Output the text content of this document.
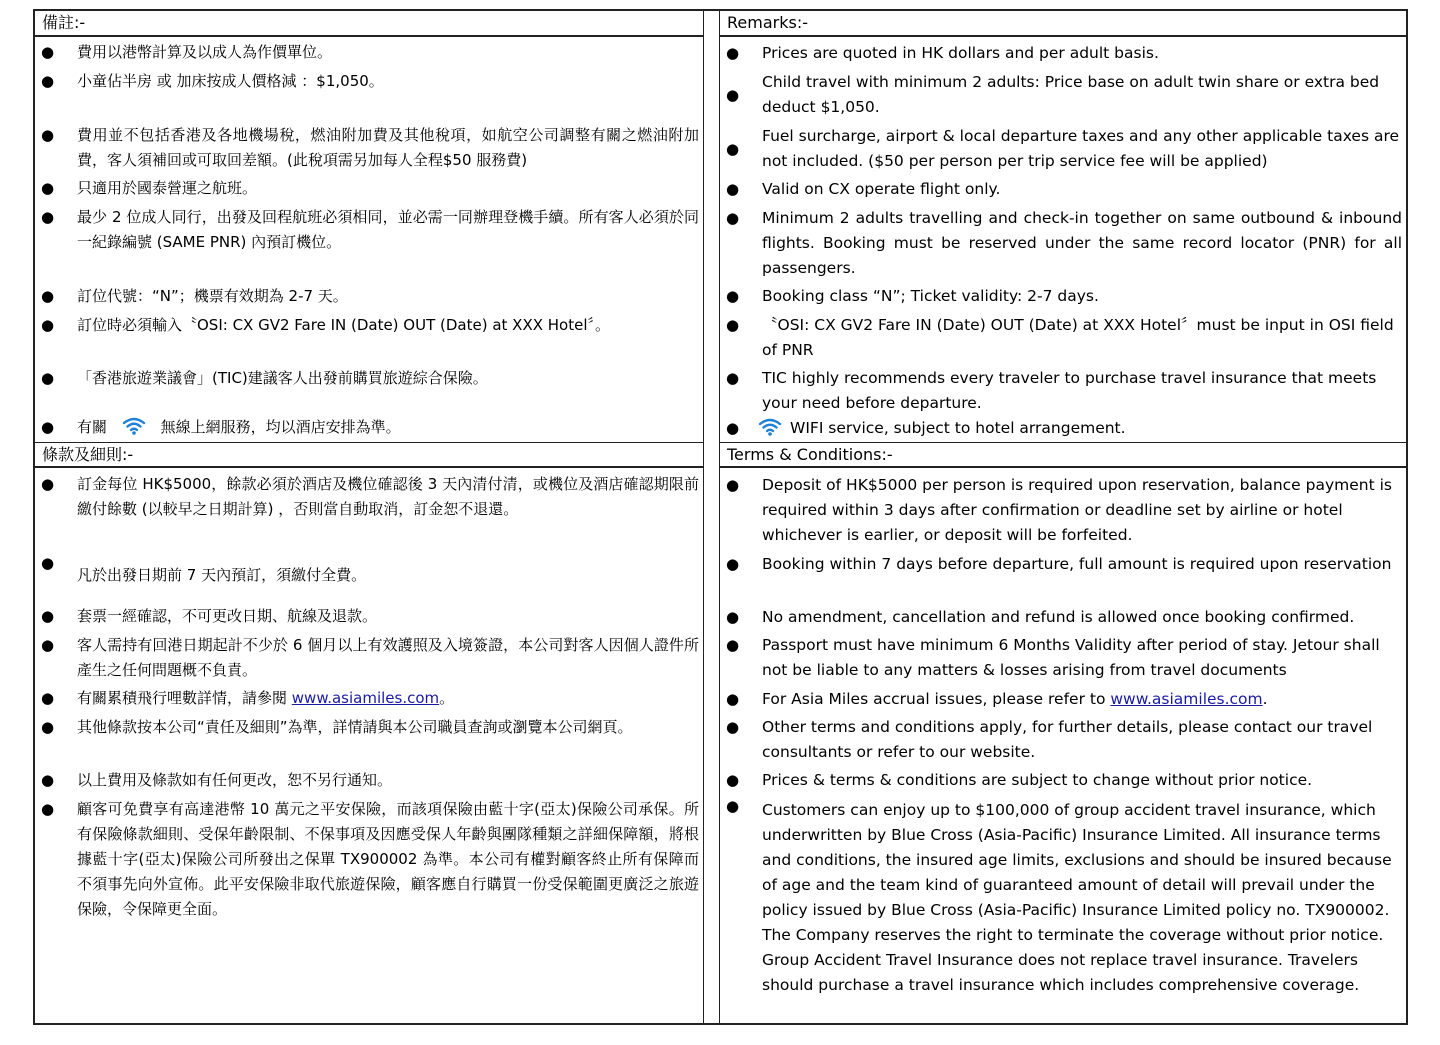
備註:-
● 費用以港幣計算及以成人為作價單位。
● 小童佔半房 或 加床按成人價格減 ：$1,050。
● 費用並不包括香港及各地機場稅，燃油附加費及其他稅項，如航空公司調整有關之燃油附加費，客人須補回或可取回差額。(此稅項需另加每人全程$50 服務費)
● 只適用於國泰營運之航班。
● 最少 2 位成人同行，出發及回程航班必須相同，並必需一同辦理登機手續。所有客人必須於同一紀錄編號 (SAME PNR) 內預訂機位。
● 訂位代號：“N”；機票有效期為 2-7 天。
● 訂位時必須輸入〝OSI: CX GV2 Fare IN (Date) OUT (Date) at XXX Hotel〞。
● 「香港旅遊業議會」(TIC)建議客人出發前購買旅遊綜合保險。
● 有關	無線上網服務，均以酒店安排為準。
條款及細則:-
● 訂金每位 HK$5000，餘款必須於酒店及機位確認後 3 天內清付清，或機位及酒店確認期限前繳付餘數 (以較早之日期計算) ，否則當自動取消，訂金恕不退還。
●
凡於出發日期前 7 天內預訂，須繳付全費。
● 套票一經確認，不可更改日期、航線及退款。
● 客人需持有回港日期起計不少於 6 個月以上有效護照及入境簽證，本公司對客人因個人證件所產生之任何問題概不負責。
● 有關累積飛行哩數詳情，請參閱 www.asiamiles.com。
● 其他條款按本公司“責任及細則”為準，詳情請與本公司職員查詢或瀏覽本公司網頁。
● 以上費用及條款如有任何更改，恕不另行通知。
● 顧客可免費享有高達港幣 10 萬元之平安保險，而該項保險由藍十字(亞太)保險公司承保。所有保險條款細則、受保年齡限制、不保事項及因應受保人年齡與團隊種類之詳細保障額，將根據藍十字(亞太)保險公司所發出之保單 TX900002 為準。本公司有權對顧客終止所有保障而不須事先向外宣佈。此平安保險非取代旅遊保險，顧客應自行購買一份受保範圍更廣泛之旅遊保險，令保障更全面。
Remarks:-
● Prices are quoted in HK dollars and per adult basis.
●
Child travel with minimum 2 adults: Price base on adult twin share or extra bed deduct $1,050.
●
Fuel surcharge, airport & local departure taxes and any other applicable taxes are not included. ($50 per person per trip service fee will be applied)
● Valid on CX operate flight only.
● Minimum 2 adults travelling and check-in together on same outbound & inbound flights. Booking must be reserved under the same record locator (PNR) for all passengers.
● Booking class “N”; Ticket validity: 2-7 days.
● 〝OSI: CX GV2 Fare IN (Date) OUT (Date) at XXX Hotel〞must be input in OSI field of PNR
● TIC highly recommends every traveler to purchase travel insurance that meets your need before departure.
●	WIFI service, subject to hotel arrangement.
Terms & Conditions:-
● Deposit of HK$5000 per person is required upon reservation, balance payment is required within 3 days after confirmation or deadline set by airline or hotel whichever is earlier, or deposit will be forfeited.
● Booking within 7 days before departure, full amount is required upon reservation
● No amendment, cancellation and refund is allowed once booking confirmed.
● Passport must have minimum 6 Months Validity after period of stay. Jetour shall not be liable to any matters & losses arising from travel documents
● For Asia Miles accrual issues, please refer to www.asiamiles.com.
● Other terms and conditions apply, for further details, please contact our travel consultants or refer to our website.
● Prices & terms & conditions are subject to change without prior notice.
● Customers can enjoy up to $100,000 of group accident travel insurance, which underwritten by Blue Cross (Asia-Pacific) Insurance Limited. All insurance terms and conditions, the insured age limits, exclusions and should be insured because of age and the team kind of guaranteed amount of detail will prevail under the policy issued by Blue Cross (Asia-Pacific) Insurance Limited policy no. TX900002. The Company reserves the right to terminate the coverage without prior notice. Group Accident Travel Insurance does not replace travel insurance. Travelers should purchase a travel insurance which includes comprehensive coverage.
